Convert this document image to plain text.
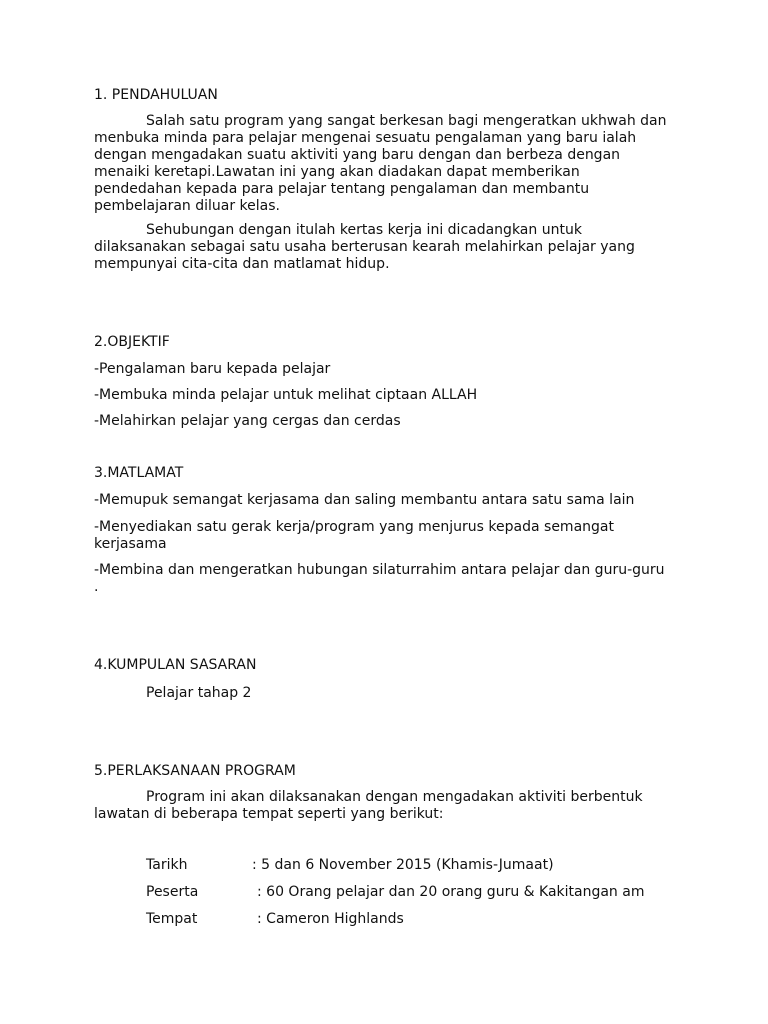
1. PENDAHULUAN
Salah satu program yang sangat berkesan bagi mengeratkan ukhwah dan
menbuka minda para pelajar mengenai sesuatu pengalaman yang baru ialah
dengan mengadakan suatu aktiviti yang baru dengan dan berbeza dengan
menaiki keretapi.Lawatan ini yang akan diadakan dapat memberikan
pendedahan kepada para pelajar tentang pengalaman dan membantu
pembelajaran diluar kelas.
Sehubungan dengan itulah kertas kerja ini dicadangkan untuk
dilaksanakan sebagai satu usaha berterusan kearah melahirkan pelajar yang
mempunyai cita-cita dan matlamat hidup.
2.OBJEKTIF
-Pengalaman baru kepada pelajar
-Membuka minda pelajar untuk melihat ciptaan ALLAH
-Melahirkan pelajar yang cergas dan cerdas
3.MATLAMAT
-Memupuk semangat kerjasama dan saling membantu antara satu sama lain
-Menyediakan satu gerak kerja/program yang menjurus kepada semangat
kerjasama
-Membina dan mengeratkan hubungan silaturrahim antara pelajar dan guru-guru
.
4.KUMPULAN SASARAN
Pelajar tahap 2
5.PERLAKSANAAN PROGRAM
Program ini akan dilaksanakan dengan mengadakan aktiviti berbentuk
lawatan di beberapa tempat seperti yang berikut:
Tarikh	: 5 dan 6 November 2015 (Khamis-Jumaat)
Peserta	: 60 Orang pelajar dan 20 orang guru & Kakitangan am
Tempat	: Cameron Highlands
